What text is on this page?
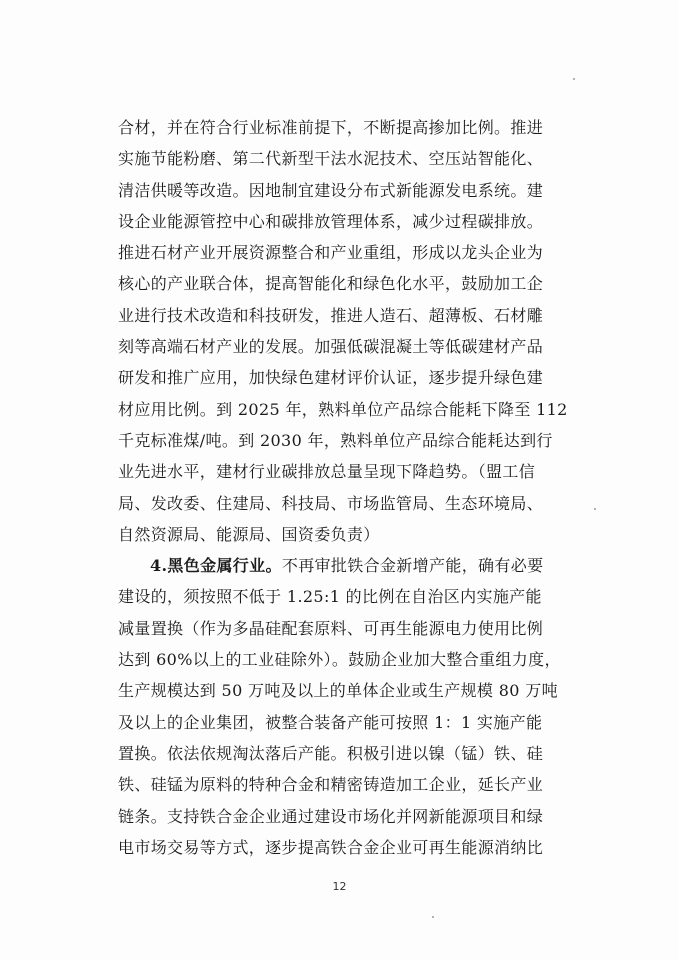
合材，并在符合行业标准前提下，不断提高掺加比例。推进
实施节能粉磨、第二代新型干法水泥技术、空压站智能化、
清洁供暖等改造。因地制宜建设分布式新能源发电系统。建
设企业能源管控中心和碳排放管理体系，减少过程碳排放。
推进石材产业开展资源整合和产业重组，形成以龙头企业为
核心的产业联合体，提高智能化和绿色化水平，鼓励加工企
业进行技术改造和科技研发，推进人造石、超薄板、石材雕
刻等高端石材产业的发展。加强低碳混凝土等低碳建材产品
研发和推广应用，加快绿色建材评价认证，逐步提升绿色建
材应用比例。到 2025 年，熟料单位产品综合能耗下降至 112
千克标准煤/吨。到 2030 年，熟料单位产品综合能耗达到行
业先进水平，建材行业碳排放总量呈现下降趋势。（盟工信
局、发改委、住建局、科技局、市场监管局、生态环境局、
自然资源局、能源局、国资委负责）
4.黑色金属行业。不再审批铁合金新增产能，确有必要
建设的，须按照不低于 1.25:1 的比例在自治区内实施产能
减量置换（作为多晶硅配套原料、可再生能源电力使用比例
达到 60%以上的工业硅除外）。鼓励企业加大整合重组力度，
生产规模达到 50 万吨及以上的单体企业或生产规模 80 万吨
及以上的企业集团，被整合装备产能可按照 1：1 实施产能
置换。依法依规淘汰落后产能。积极引进以镍（锰）铁、硅
铁、硅锰为原料的特种合金和精密铸造加工企业，延长产业
链条。支持铁合金企业通过建设市场化并网新能源项目和绿
电市场交易等方式，逐步提高铁合金企业可再生能源消纳比
12
